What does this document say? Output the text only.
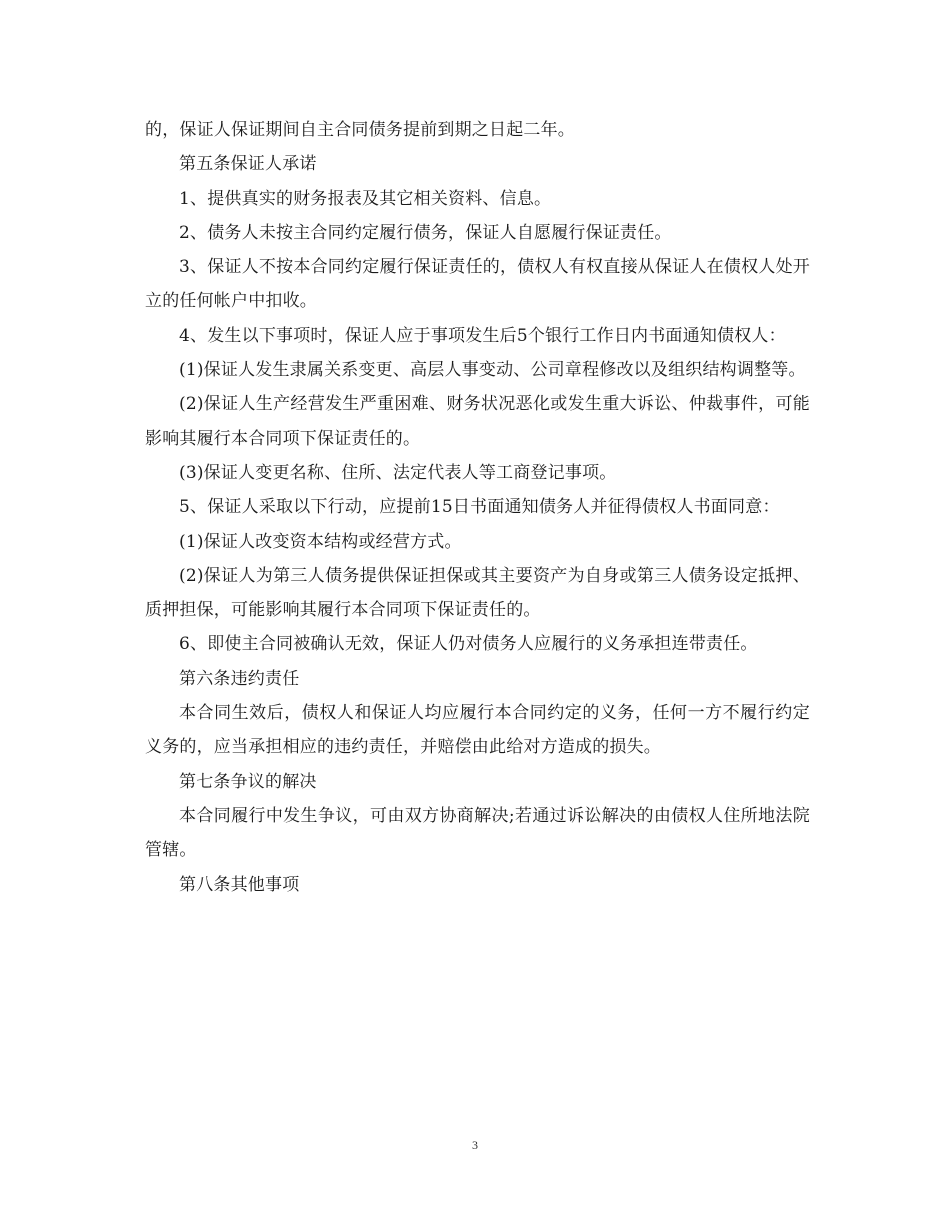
的，保证人保证期间自主合同债务提前到期之日起二年。

第五条保证人承诺

1、提供真实的财务报表及其它相关资料、信息。

2、债务人未按主合同约定履行债务，保证人自愿履行保证责任。

3、保证人不按本合同约定履行保证责任的，债权人有权直接从保证人在债权人处开立的任何帐户中扣收。

4、发生以下事项时，保证人应于事项发生后5个银行工作日内书面通知债权人：

(1)保证人发生隶属关系变更、高层人事变动、公司章程修改以及组织结构调整等。

(2)保证人生产经营发生严重困难、财务状况恶化或发生重大诉讼、仲裁事件，可能影响其履行本合同项下保证责任的。

(3)保证人变更名称、住所、法定代表人等工商登记事项。

5、保证人采取以下行动，应提前15日书面通知债务人并征得债权人书面同意：

(1)保证人改变资本结构或经营方式。

(2)保证人为第三人债务提供保证担保或其主要资产为自身或第三人债务设定抵押、质押担保，可能影响其履行本合同项下保证责任的。

6、即使主合同被确认无效，保证人仍对债务人应履行的义务承担连带责任。

第六条违约责任

本合同生效后，债权人和保证人均应履行本合同约定的义务，任何一方不履行约定义务的，应当承担相应的违约责任，并赔偿由此给对方造成的损失。

第七条争议的解决

本合同履行中发生争议，可由双方协商解决;若通过诉讼解决的由债权人住所地法院管辖。

第八条其他事项

3
